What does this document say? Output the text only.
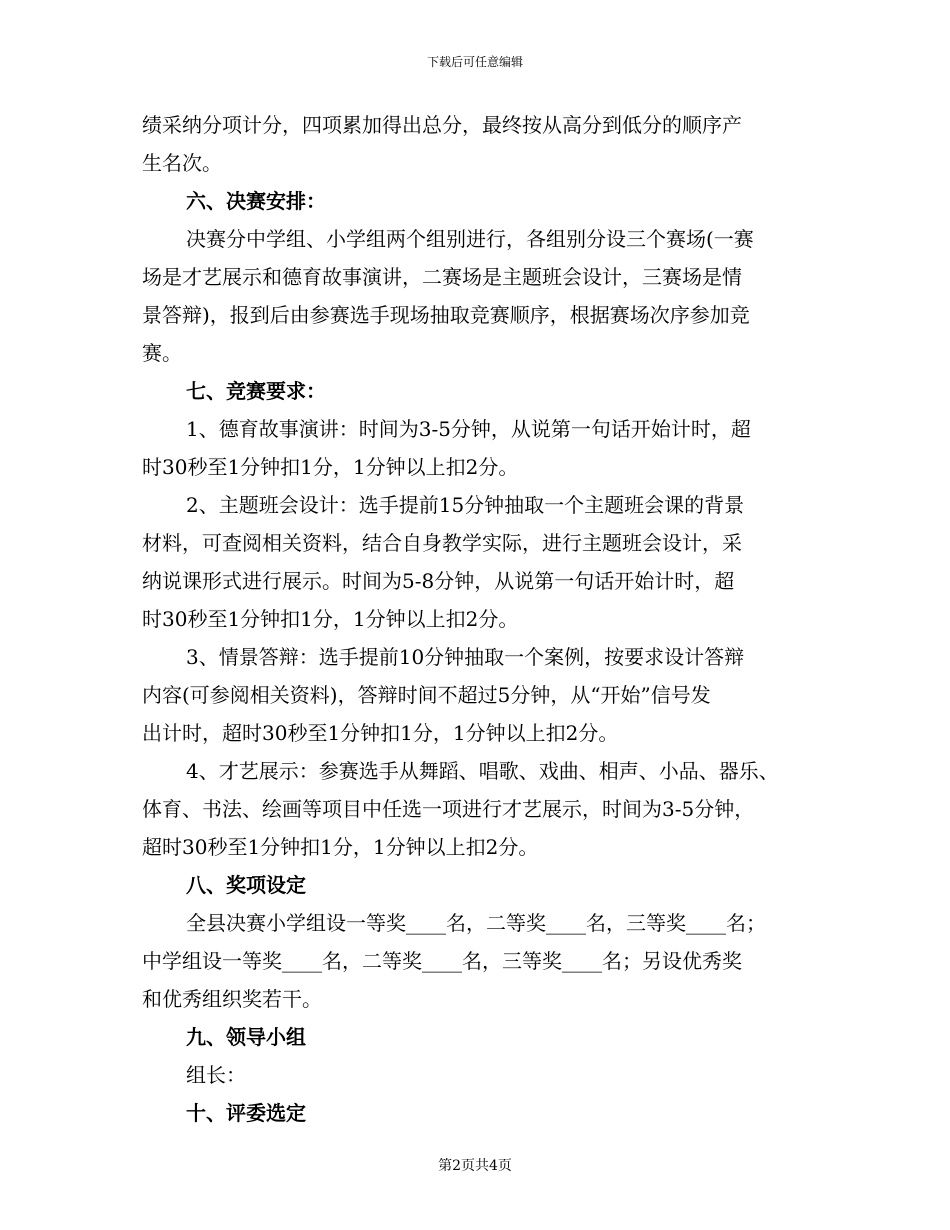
下载后可任意编辑

绩采纳分项计分，四项累加得出总分，最终按从高分到低分的顺序产

生名次。

六、决赛安排：

决赛分中学组、小学组两个组别进行，各组别分设三个赛场(一赛

场是才艺展示和德育故事演讲，二赛场是主题班会设计，三赛场是情

景答辩)，报到后由参赛选手现场抽取竞赛顺序，根据赛场次序参加竞

赛。

七、竞赛要求：

1、德育故事演讲：时间为3-5分钟，从说第一句话开始计时，超

时30秒至1分钟扣1分，1分钟以上扣2分。

2、主题班会设计：选手提前15分钟抽取一个主题班会课的背景

材料，可查阅相关资料，结合自身教学实际，进行主题班会设计，采

纳说课形式进行展示。时间为5-8分钟，从说第一句话开始计时，超

时30秒至1分钟扣1分，1分钟以上扣2分。

3、情景答辩：选手提前10分钟抽取一个案例，按要求设计答辩

内容(可参阅相关资料)，答辩时间不超过5分钟，从“开始”信号发

出计时，超时30秒至1分钟扣1分，1分钟以上扣2分。

4、才艺展示：参赛选手从舞蹈、唱歌、戏曲、相声、小品、器乐、

体育、书法、绘画等项目中任选一项进行才艺展示，时间为3-5分钟，

超时30秒至1分钟扣1分，1分钟以上扣2分。

八、奖项设定

全县决赛小学组设一等奖____名，二等奖____名，三等奖____名；

中学组设一等奖____名，二等奖____名，三等奖____名；另设优秀奖

和优秀组织奖若干。

九、领导小组

组长：

十、评委选定

第2页共4页
